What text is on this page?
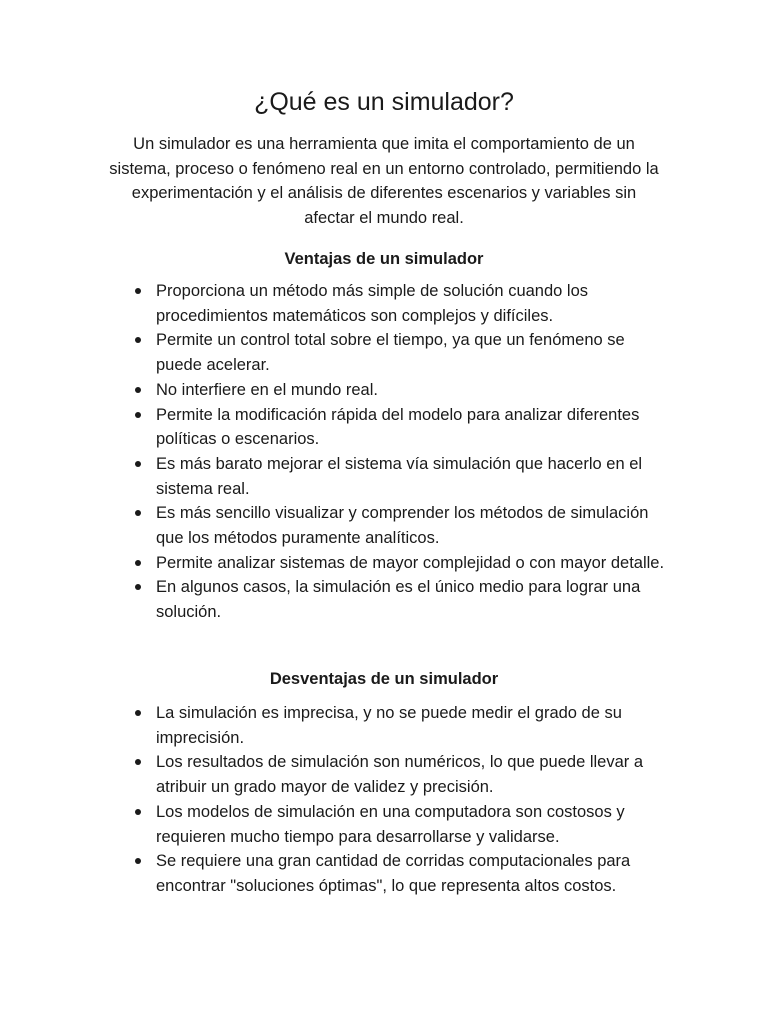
¿Qué es un simulador?

Un simulador es una herramienta que imita el comportamiento de un sistema, proceso o fenómeno real en un entorno controlado, permitiendo la experimentación y el análisis de diferentes escenarios y variables sin afectar el mundo real.

Ventajas de un simulador
Proporciona un método más simple de solución cuando los procedimientos matemáticos son complejos y difíciles.
Permite un control total sobre el tiempo, ya que un fenómeno se puede acelerar.
No interfiere en el mundo real.
Permite la modificación rápida del modelo para analizar diferentes políticas o escenarios.
Es más barato mejorar el sistema vía simulación que hacerlo en el sistema real.
Es más sencillo visualizar y comprender los métodos de simulación que los métodos puramente analíticos.
Permite analizar sistemas de mayor complejidad o con mayor detalle.
En algunos casos, la simulación es el único medio para lograr una solución.
Desventajas de un simulador
La simulación es imprecisa, y no se puede medir el grado de su imprecisión.
Los resultados de simulación son numéricos, lo que puede llevar a atribuir un grado mayor de validez y precisión.
Los modelos de simulación en una computadora son costosos y requieren mucho tiempo para desarrollarse y validarse.
Se requiere una gran cantidad de corridas computacionales para encontrar "soluciones óptimas", lo que representa altos costos.
